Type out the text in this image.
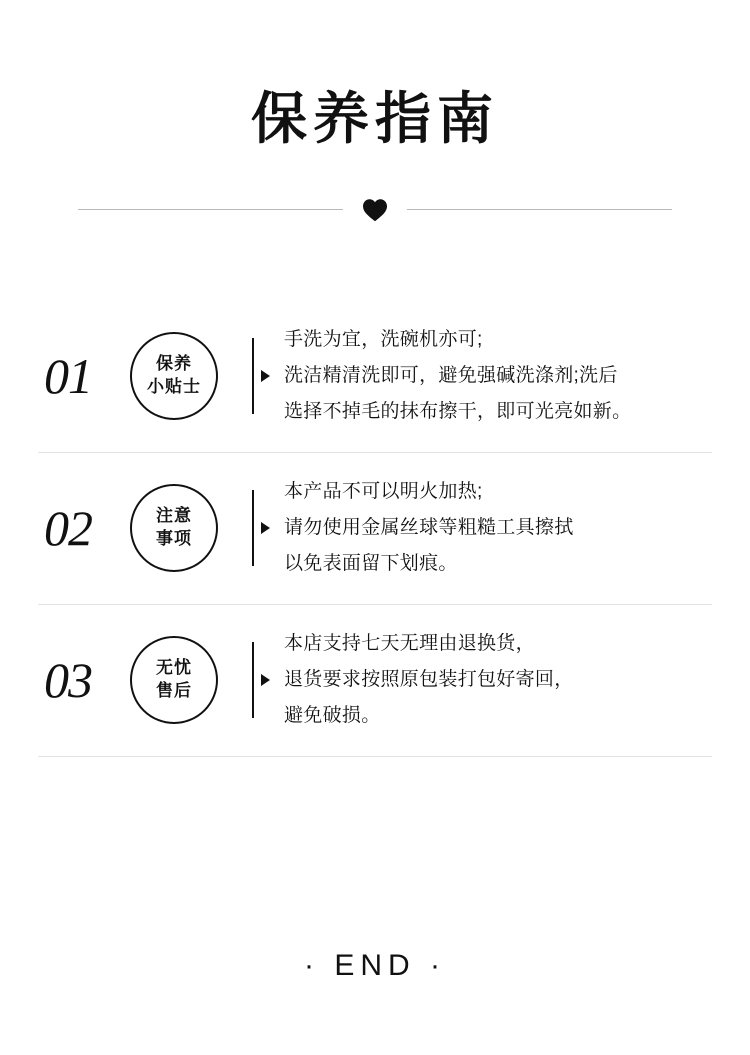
保养指南
01	保养
小贴士

手洗为宜，洗碗机亦可;

洗洁精清洗即可，避免强碱洗涤剂;洗后

选择不掉毛的抹布擦干，即可光亮如新。

02	注意
事项

本产品不可以明火加热;

请勿使用金属丝球等粗糙工具擦拭

以免表面留下划痕。

03	无忧
售后

本店支持七天无理由退换货，

退货要求按照原包装打包好寄回，

避免破损。

· END ·
